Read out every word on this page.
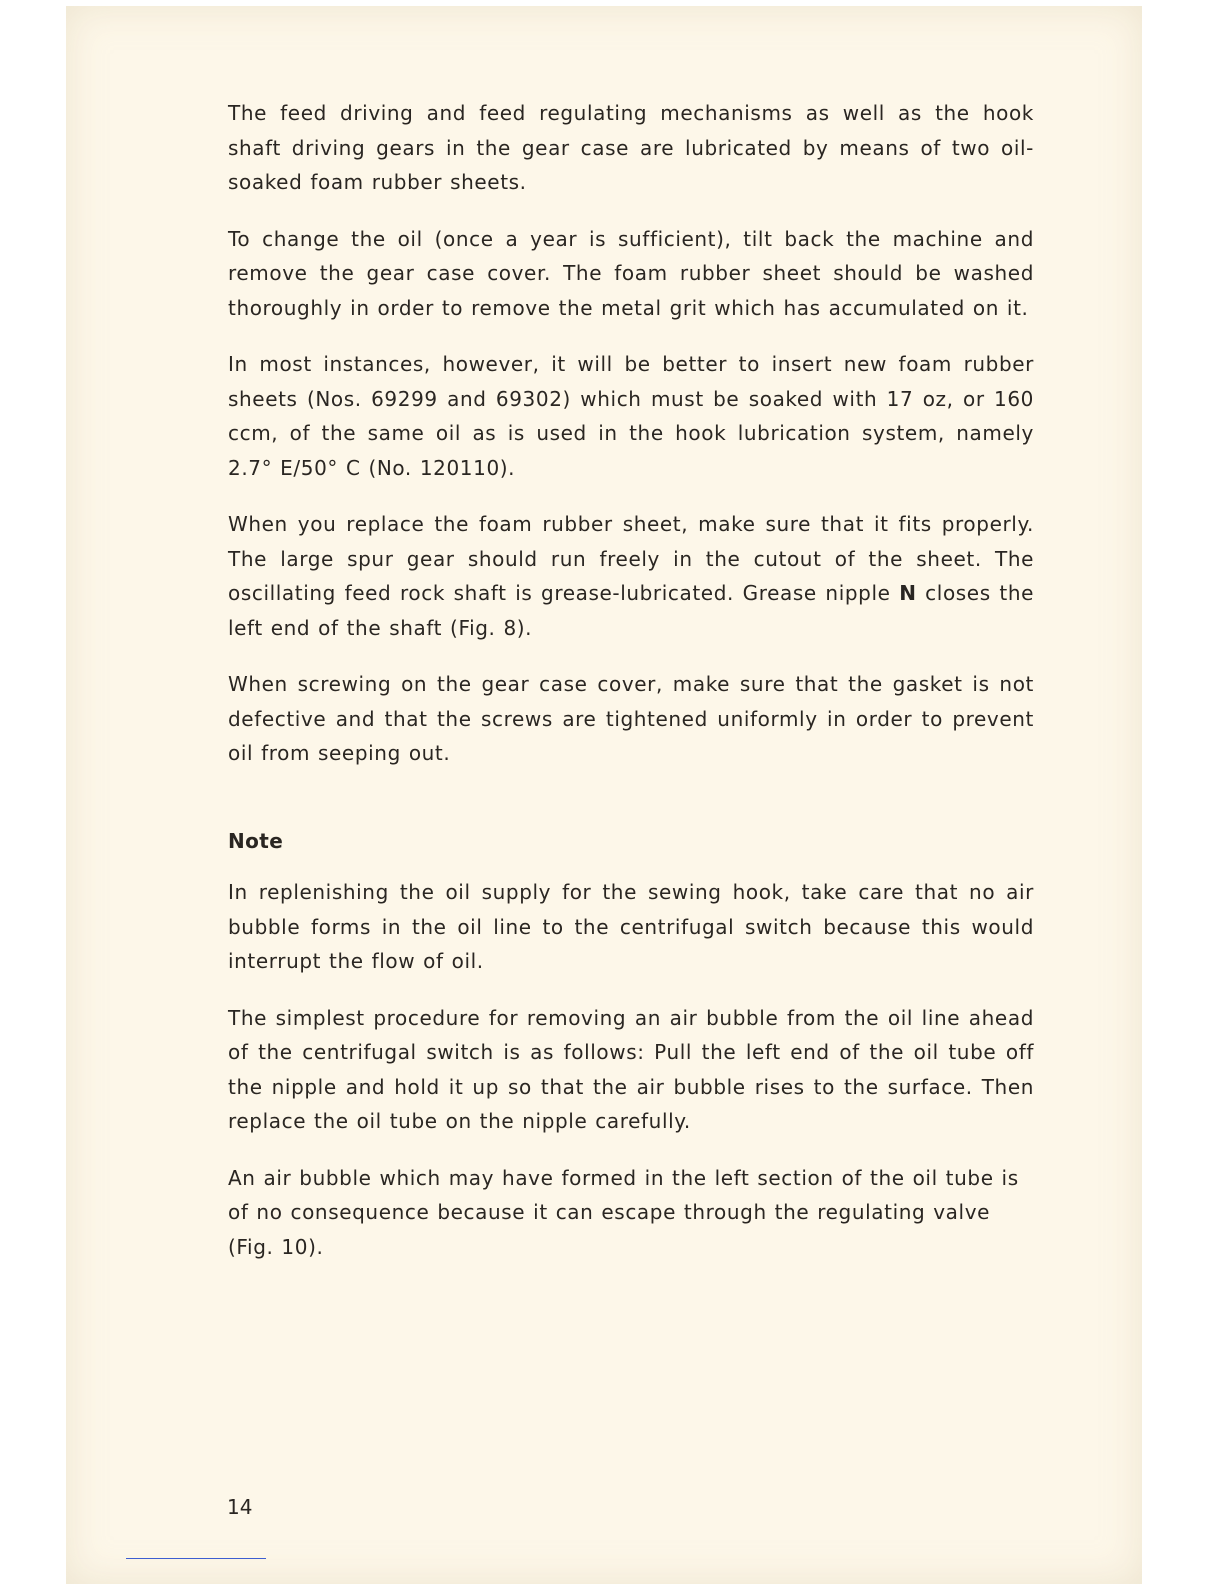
The feed driving and feed regulating mechanisms as well as the hook shaft driving gears in the gear case are lubricated by means of two oil-soaked foam rubber sheets.

To change the oil (once a year is sufficient), tilt back the machine and remove the gear case cover. The foam rubber sheet should be washed thoroughly in order to remove the metal grit which has accumulated on it.

In most instances, however, it will be better to insert new foam rubber sheets (Nos. 69299 and 69302) which must be soaked with 17 oz, or 160 ccm, of the same oil as is used in the hook lubrication system, namely 2.7° E/50° C (No. 120110).

When you replace the foam rubber sheet, make sure that it fits properly. The large spur gear should run freely in the cutout of the sheet. The oscillating feed rock shaft is grease-lubricated. Grease nipple N closes the left end of the shaft (Fig. 8).

When screwing on the gear case cover, make sure that the gasket is not defective and that the screws are tightened uniformly in order to prevent oil from seeping out.

Note

In replenishing the oil supply for the sewing hook, take care that no air bubble forms in the oil line to the centrifugal switch because this would interrupt the flow of oil.

The simplest procedure for removing an air bubble from the oil line ahead of the centrifugal switch is as follows: Pull the left end of the oil tube off the nipple and hold it up so that the air bubble rises to the surface. Then replace the oil tube on the nipple carefully.

An air bubble which may have formed in the left section of the oil tube is of no consequence because it can escape through the regulating valve (Fig. 10).

14
